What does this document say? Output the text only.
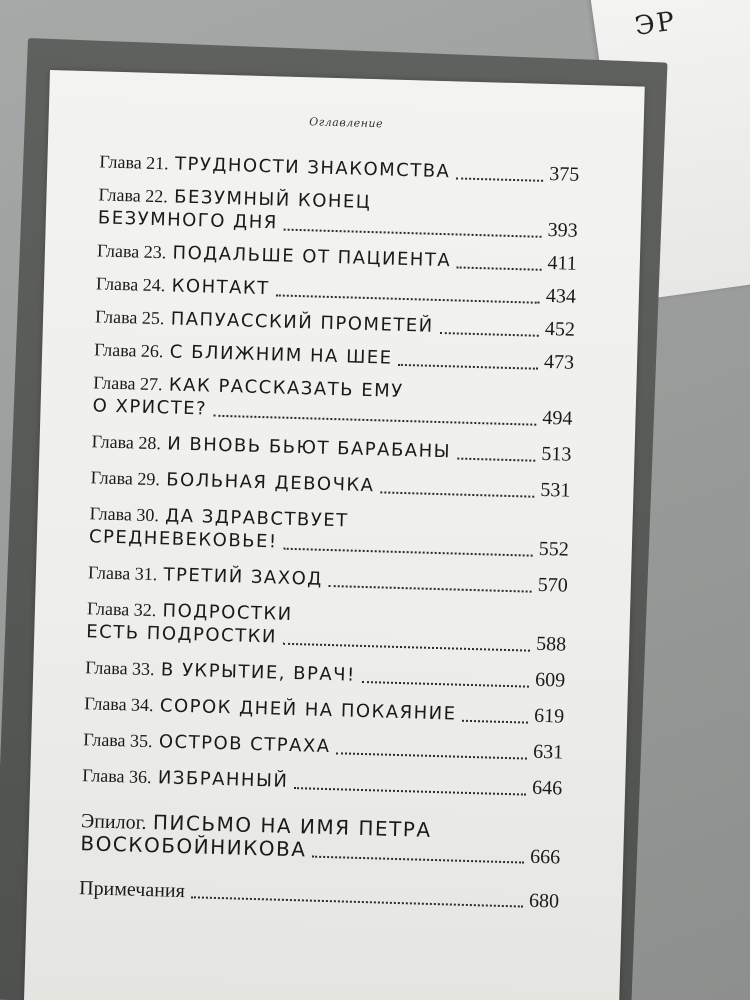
ЭР
Оглавление
Глава 21.
ТРУДНОСТИ ЗНАКОМСТВА	375
Глава 22.
БЕЗУМНЫЙ КОНЕЦ
БЕЗУМНОГО ДНЯ	393
Глава 23.
ПОДАЛЬШЕ ОТ ПАЦИЕНТА	411
Глава 24.
КОНТАКТ	434
Глава 25.
ПАПУАССКИЙ ПРОМЕТЕЙ	452
Глава 26.
С БЛИЖНИМ НА ШЕЕ	473
Глава 27.
КАК РАССКАЗАТЬ ЕМУ
О ХРИСТЕ?	494
Глава 28.
И ВНОВЬ БЬЮТ БАРАБАНЫ	513
Глава 29.
БОЛЬНАЯ ДЕВОЧКА	531
Глава 30.
ДА ЗДРАВСТВУЕТ
СРЕДНЕВЕКОВЬЕ!	552
Глава 31.
ТРЕТИЙ ЗАХОД	570
Глава 32.
ПОДРОСТКИ
ЕСТЬ ПОДРОСТКИ	588
Глава 33.
В УКРЫТИЕ, ВРАЧ!	609
Глава 34.
СОРОК ДНЕЙ НА ПОКАЯНИЕ	619
Глава 35.
ОСТРОВ СТРАХА	631
Глава 36.
ИЗБРАННЫЙ	646
Эпилог.
ПИСЬМО НА ИМЯ ПЕТРА
ВОСКОБОЙНИКОВА	666
Примечания	680
